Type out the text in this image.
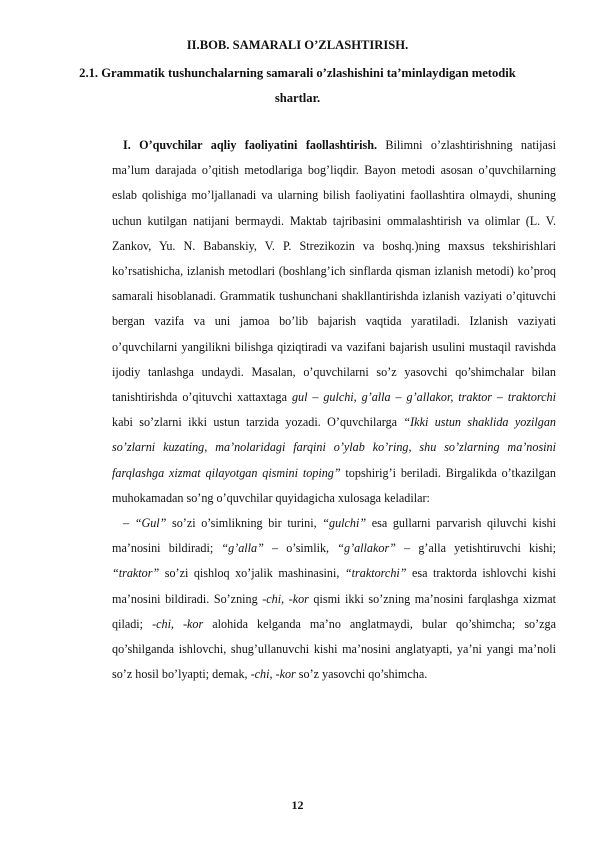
II.BOB. SAMARALI O’ZLASHTIRISH.
2.1. Grammatik tushunchalarning samarali o’zlashishini ta’minlaydigan metodik shartlar.

I. O’quvchilar aqliy faoliyatini faollashtirish. Bilimni o’zlashtirishning natijasi ma’lum darajada o’qitish metodlariga bog’liqdir. Bayon metodi asosan o’quvchilarning eslab qolishiga mo’ljallanadi va ularning bilish faoliyatini faollashtira olmaydi, shuning uchun kutilgan natijani bermaydi. Maktab tajribasini ommalashtirish va olimlar (L. V. Zankov, Yu. N. Babanskiy, V. P. Strezikozin va boshq.)ning maxsus tekshirishlari ko’rsatishicha, izlanish metodlari (boshlang’ich sinflarda qisman izlanish metodi) ko’proq samarali hisoblanadi. Grammatik tushunchani shakllantirishda izlanish vaziyati o’qituvchi bergan vazifa va uni jamoa bo’lib bajarish vaqtida yaratiladi. Izlanish vaziyati o’quvchilarni yangilikni bilishga qiziqtiradi va vazifani bajarish usulini mustaqil ravishda ijodiy tanlashga undaydi. Masalan, o’quvchilarni so’z yasovchi qo’shimchalar bilan tanishtirishda o’qituvchi xattaxtaga gul – gulchi, g’alla – g’allakor, traktor – traktorchi kabi so’zlarni ikki ustun tarzida yozadi. O’quvchilarga “Ikki ustun shaklida yozilgan so’zlarni kuzating, ma’nolaridagi farqini o’ylab ko’ring, shu so’zlarning ma’nosini farqlashga xizmat qilayotgan qismini toping” topshirig’i beriladi. Birgalikda o’tkazilgan muhokamadan so’ng o’quvchilar quyidagicha xulosaga keladilar:

– “Gul” so’zi o’simlikning bir turini, “gulchi” esa gullarni parvarish qiluvchi kishi ma’nosini bildiradi; “g’alla” – o’simlik, “g’allakor” – g’alla yetishtiruvchi kishi; “traktor” so’zi qishloq xo’jalik mashinasini, “traktorchi” esa traktorda ishlovchi kishi ma’nosini bildiradi. So’zning -chi, -kor qismi ikki so’zning ma’nosini farqlashga xizmat qiladi; -chi, -kor alohida kelganda ma’no anglatmaydi, bular qo’shimcha; so’zga qo’shilganda ishlovchi, shug’ullanuvchi kishi ma’nosini anglatyapti, ya’ni yangi ma’noli so’z hosil bo’lyapti; demak, -chi, -kor so’z yasovchi qo’shimcha.

12
